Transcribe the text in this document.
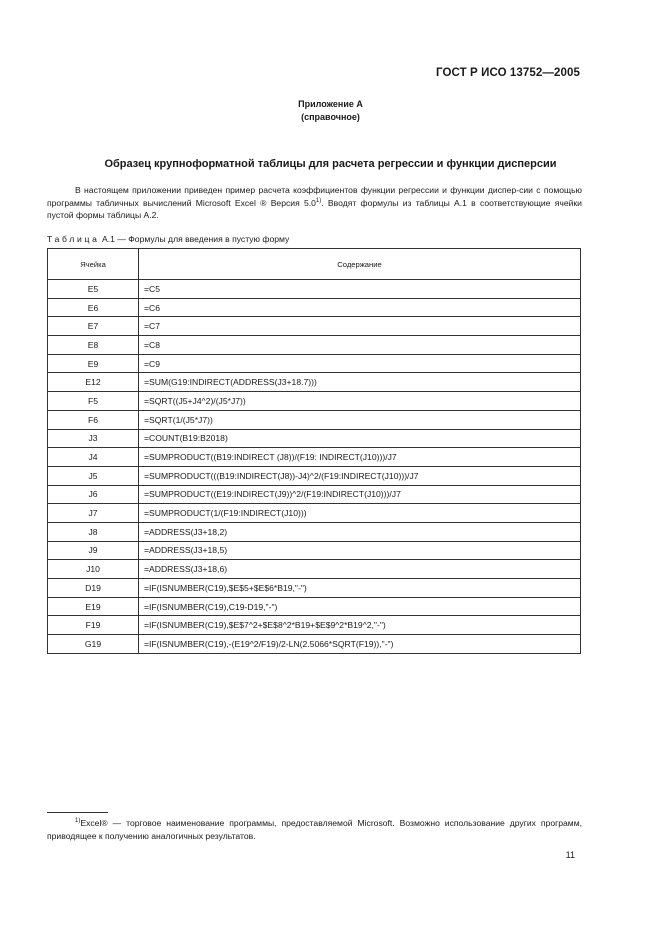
ГОСТ Р ИСО 13752—2005
Приложение А
(справочное)
Образец крупноформатной таблицы для расчета регрессии и функции дисперсии
В настоящем приложении приведен пример расчета коэффициентов функции регрессии и функции диспер-сии с помощью программы табличных вычислений Microsoft Excel ® Версия 5.0$^{1)}$. Вводят формулы из таблицы А.1 в соответствующие ячейки пустой формы таблицы А.2.
Таблица А.1 — Формулы для введения в пустую форму
Ячейка	Содержание
E5	=C5
E6	=C6
E7	=C7
E8	=C8
E9	=C9
E12	=SUM(G19:INDIRECT(ADDRESS(J3+18.7)))
F5	=SQRT((J5+J4^2)/(J5*J7))
F6	=SQRT(1/(J5*J7))
J3	=COUNT(B19:B2018)
J4	=SUMPRODUCT((B19:INDIRECT (J8))/(F19: INDIRECT(J10)))/J7
J5	=SUMPRODUCT(((B19:INDIRECT(J8))-J4)^2/(F19:INDIRECT(J10)))/J7
J6	=SUMPRODUCT((E19:INDIRECT(J9))^2/(F19:INDIRECT(J10)))/J7
J7	=SUMPRODUCT(1/(F19:INDIRECT(J10)))
J8	=ADDRESS(J3+18,2)
J9	=ADDRESS(J3+18,5)
J10	=ADDRESS(J3+18,6)
D19	=IF(ISNUMBER(C19),$E$5+$E$6*B19,"-")
E19	=IF(ISNUMBER(C19),C19-D19,"-")
F19	=IF(ISNUMBER(C19),$E$7^2+$E$8^2*B19+$E$9^2*B19^2,"-")
G19	=IF(ISNUMBER(C19),-(E19^2/F19)/2-LN(2.5066*SQRT(F19)),"-")
$^{1)}$Excel® — торговое наименование программы, предоставляемой Microsoft. Возможно использование других программ, приводящее к получению аналогичных результатов.
11
